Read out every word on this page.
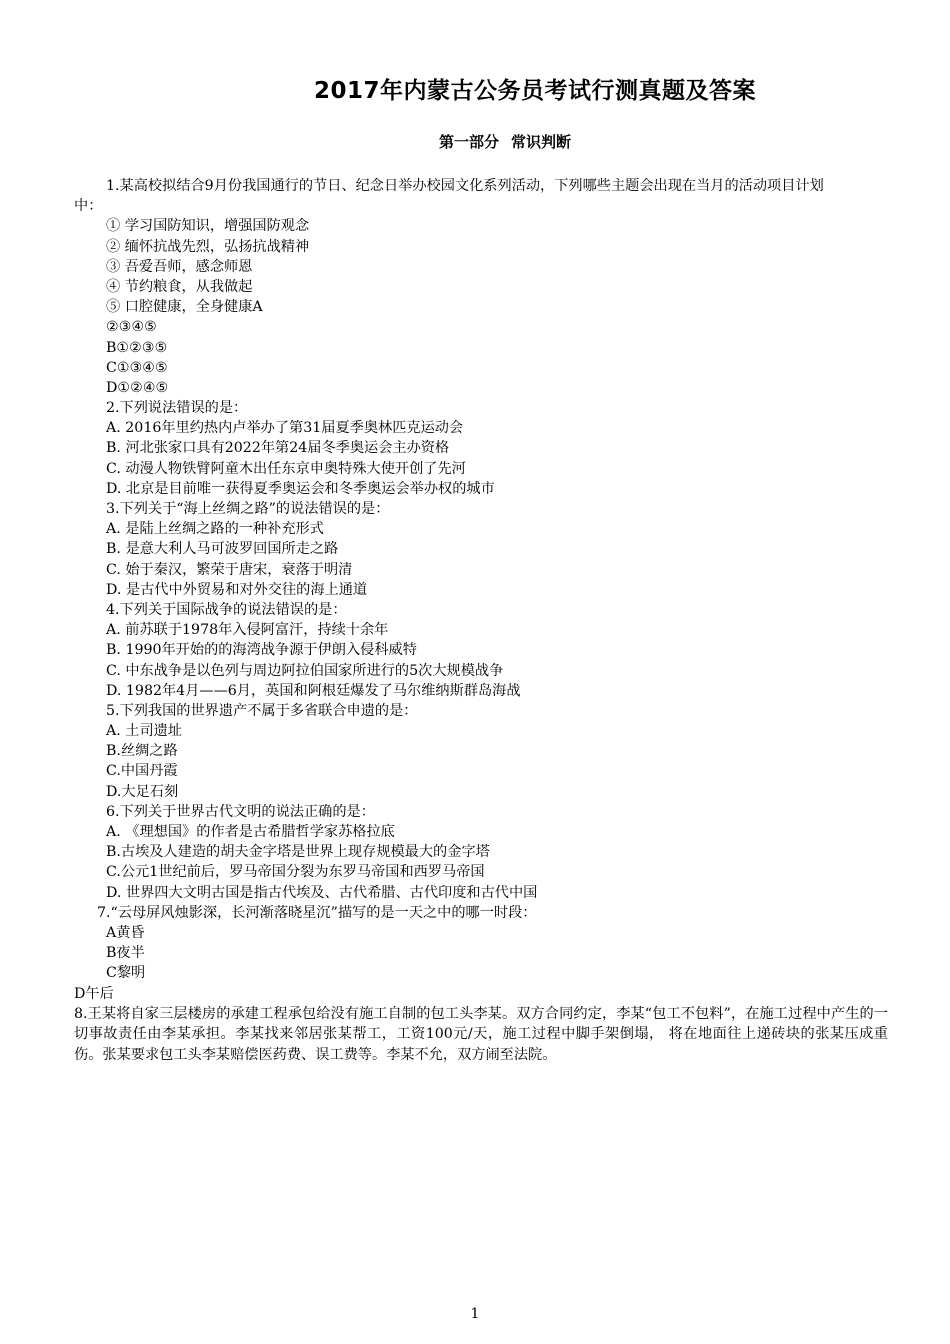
2017年内蒙古公务员考试行测真题及答案
第一部分 常识判断
1.某高校拟结合9月份我国通行的节日、纪念日举办校园文化系列活动，下列哪些主题会出现在当月的活动项目计划
中：
① 学习国防知识，增强国防观念
② 缅怀抗战先烈，弘扬抗战精神
③ 吾爱吾师，感念师恩
④ 节约粮食，从我做起
⑤ 口腔健康，全身健康A
②③④⑤
B①②③⑤
C①③④⑤
D①②④⑤
2.下列说法错误的是：
A. 2016年里约热内卢举办了第31届夏季奥林匹克运动会
B. 河北张家口具有2022年第24届冬季奥运会主办资格
C. 动漫人物铁臂阿童木出任东京申奥特殊大使开创了先河
D. 北京是目前唯一获得夏季奥运会和冬季奥运会举办权的城市
3.下列关于“海上丝绸之路”的说法错误的是：
A. 是陆上丝绸之路的一种补充形式
B. 是意大利人马可波罗回国所走之路
C. 始于秦汉，繁荣于唐宋，衰落于明清
D. 是古代中外贸易和对外交往的海上通道
4.下列关于国际战争的说法错误的是：
A. 前苏联于1978年入侵阿富汗，持续十余年
B. 1990年开始的的海湾战争源于伊朗入侵科威特
C. 中东战争是以色列与周边阿拉伯国家所进行的5次大规模战争
D. 1982年4月——6月，英国和阿根廷爆发了马尔维纳斯群岛海战
5.下列我国的世界遗产不属于多省联合申遗的是：
A. 土司遗址
B.丝绸之路
C.中国丹霞
D.大足石刻
6.下列关于世界古代文明的说法正确的是：
A. 《理想国》的作者是古希腊哲学家苏格拉底
B.古埃及人建造的胡夫金字塔是世界上现存规模最大的金字塔
C.公元1世纪前后，罗马帝国分裂为东罗马帝国和西罗马帝国
D. 世界四大文明古国是指古代埃及、古代希腊、古代印度和古代中国
7.“云母屏风烛影深，长河渐落晓星沉”描写的是一天之中的哪一时段：
A黄昏
B夜半
C黎明
D午后
8.王某将自家三层楼房的承建工程承包给没有施工自制的包工头李某。双方合同约定，李某“包工不包料”，在施工过程中产生的一切事故责任由李某承担。李某找来邻居张某帮工，工资100元/天，施工过程中脚手架倒塌， 将在地面往上递砖块的张某压成重伤。张某要求包工头李某赔偿医药费、误工费等。李某不允，双方闹至法院。
1
